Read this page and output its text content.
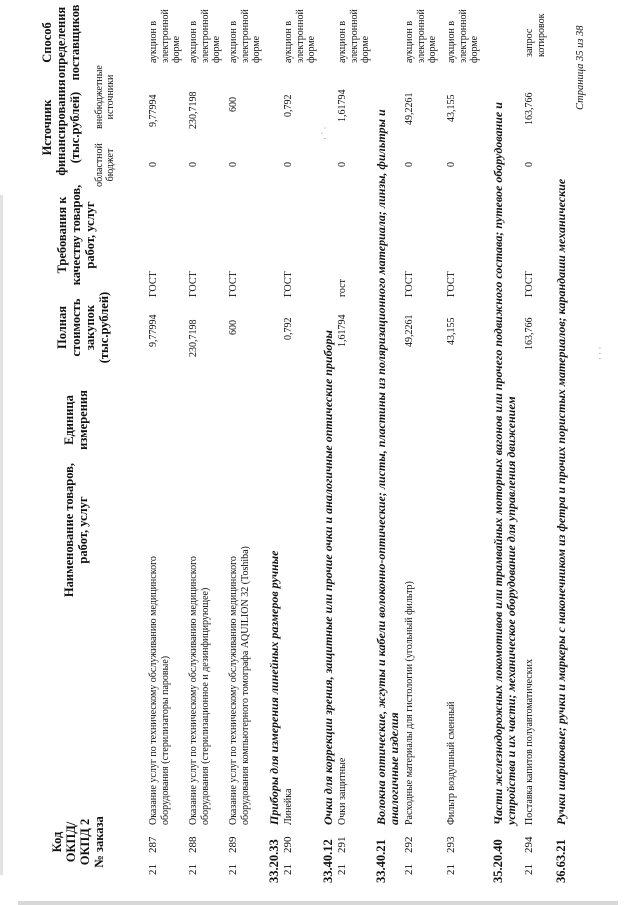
Код
ОКПД/
ОКПД 2
№ заказа
Наименование товаров,
работ, услуг
Единица
измерения
Полная
стоимость
закупок
(тыс.рублей)
Требования к
качеству товаров,
работ, услуг
Источник
финансирования
(тыс.рублей)
областной
бюджет
внебюджетные
источники
Способ
определения
поставщиков
21
287
Оказание услуг по техническому обслуживанию медицинского
оборудования (стерилизаторы паровые)
9,77994
ГОСТ
0
9,77994
аукцион в
электронной
форме
21
288
Оказание услуг по техническому обслуживанию медицинского
оборудования (стерилизационное и дезинфицирующее)
230,7198
ГОСТ
0
230,7198
аукцион в
электронной
форме
21
289
Оказание услуг по техническому обслуживанию медицинского
оборудования компьютерного томографа AQUILION 32 (Toshiba)
600
ГОСТ
0
600
аукцион в
электронной
форме
33.20.33
Приборы для измерения линейных размеров ручные
21
290
Линейка
0,792
ГОСТ
0
0,792
аукцион в
электронной
форме
33.40.12
Очки для коррекции зрения, защитные или прочие очки и аналогичные оптические приборы
21
291
Очки защитные
1,61794
гост
0
1,61794
аукцион в
электронной
форме
33.40.21
Волокна оптические, жгуты и кабели волоконно-оптические; листы, пластины из поляризационного материала; линзы, фильтры и
аналогичные изделия
21
292
Расходные материалы для гистологии (угольный фильтр)
49,2261
ГОСТ
0
49,2261
аукцион в
электронной
форме
21
293
Фильтр воздушный сменный
43,155
ГОСТ
0
43,155
аукцион в
электронной
форме
35.20.40
Части железнодорожных локомотивов или трамвайных моторных вагонов или прочего подвижного состава; путевое оборудование и
устройства и их части; механическое оборудование для управления движением
21
294
Поставка капитов полуавтоматических
163,766
ГОСТ
0
163,766
запрос
котировок
36.63.21
Ручки шариковые; ручки и маркеры с наконечником из фетра и прочих пористых материалов; карандаши механические
· ˙ ·
· · ·
Страница 35 из 38
